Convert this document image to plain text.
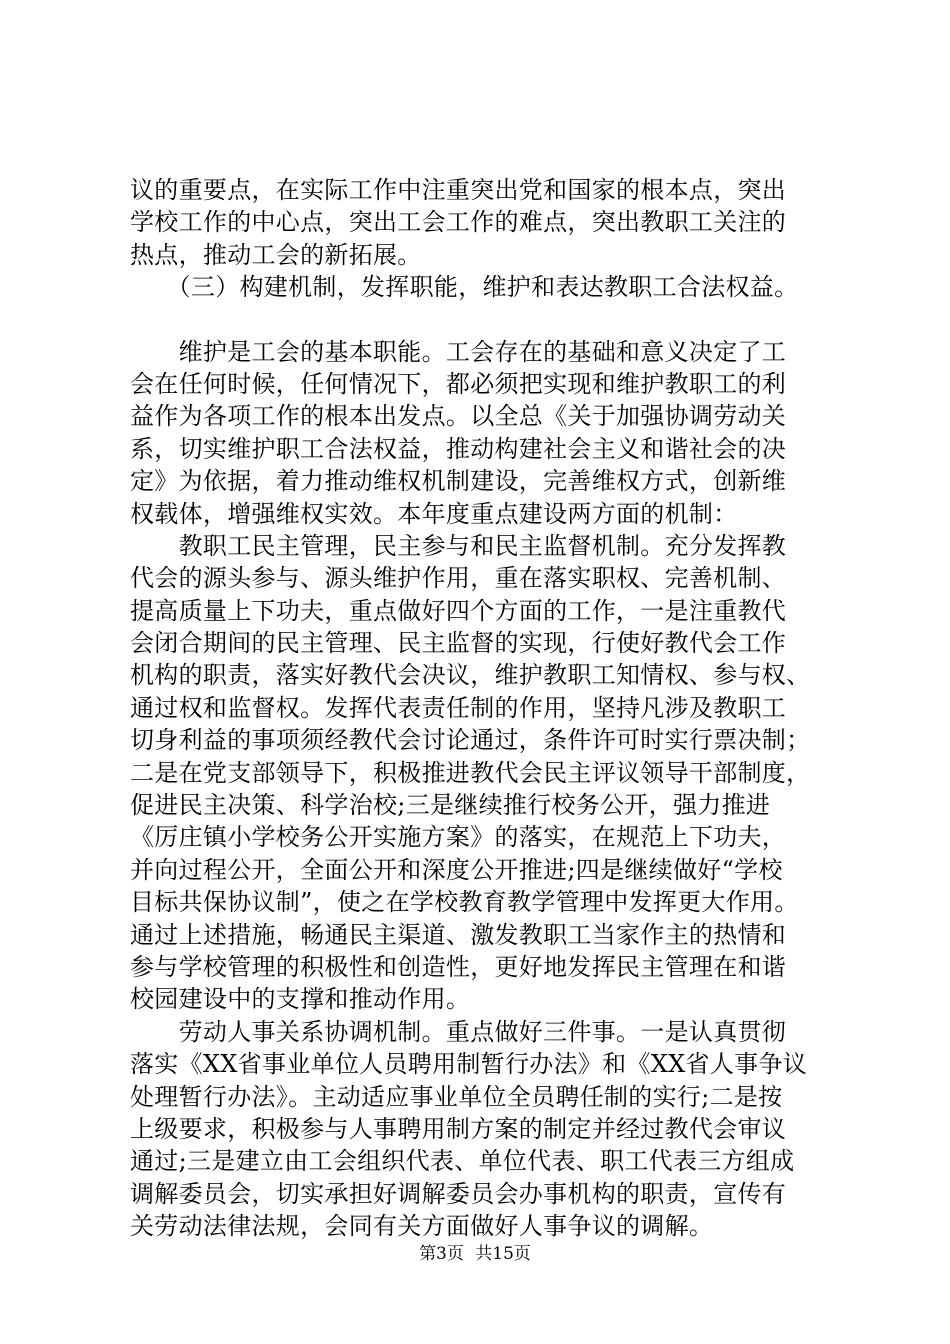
议的重要点，在实际工作中注重突出党和国家的根本点，突出
学校工作的中心点，突出工会工作的难点，突出教职工关注的
热点，推动工会的新拓展。
　　（三）构建机制，发挥职能，维护和表达教职工合法权益。
　　维护是工会的基本职能。工会存在的基础和意义决定了工
会在任何时候，任何情况下，都必须把实现和维护教职工的利
益作为各项工作的根本出发点。以全总《关于加强协调劳动关
系，切实维护职工合法权益，推动构建社会主义和谐社会的决
定》为依据，着力推动维权机制建设，完善维权方式，创新维
权载体，增强维权实效。本年度重点建设两方面的机制：
　　教职工民主管理，民主参与和民主监督机制。充分发挥教
代会的源头参与、源头维护作用，重在落实职权、完善机制、
提高质量上下功夫，重点做好四个方面的工作，一是注重教代
会闭合期间的民主管理、民主监督的实现，行使好教代会工作
机构的职责，落实好教代会决议，维护教职工知情权、参与权、
通过权和监督权。发挥代表责任制的作用，坚持凡涉及教职工
切身利益的事项须经教代会讨论通过，条件许可时实行票决制；
二是在党支部领导下，积极推进教代会民主评议领导干部制度，
促进民主决策、科学治校;三是继续推行校务公开，强力推进
《厉庄镇小学校务公开实施方案》的落实，在规范上下功夫，
并向过程公开，全面公开和深度公开推进;四是继续做好“学校
目标共保协议制”，使之在学校教育教学管理中发挥更大作用。
通过上述措施，畅通民主渠道、激发教职工当家作主的热情和
参与学校管理的积极性和创造性，更好地发挥民主管理在和谐
校园建设中的支撑和推动作用。
　　劳动人事关系协调机制。重点做好三件事。一是认真贯彻
落实《XX省事业单位人员聘用制暂行办法》和《XX省人事争议
处理暂行办法》。主动适应事业单位全员聘任制的实行;二是按
上级要求，积极参与人事聘用制方案的制定并经过教代会审议
通过;三是建立由工会组织代表、单位代表、职工代表三方组成
调解委员会，切实承担好调解委员会办事机构的职责，宣传有
关劳动法律法规，会同有关方面做好人事争议的调解。
第3页 共15页
